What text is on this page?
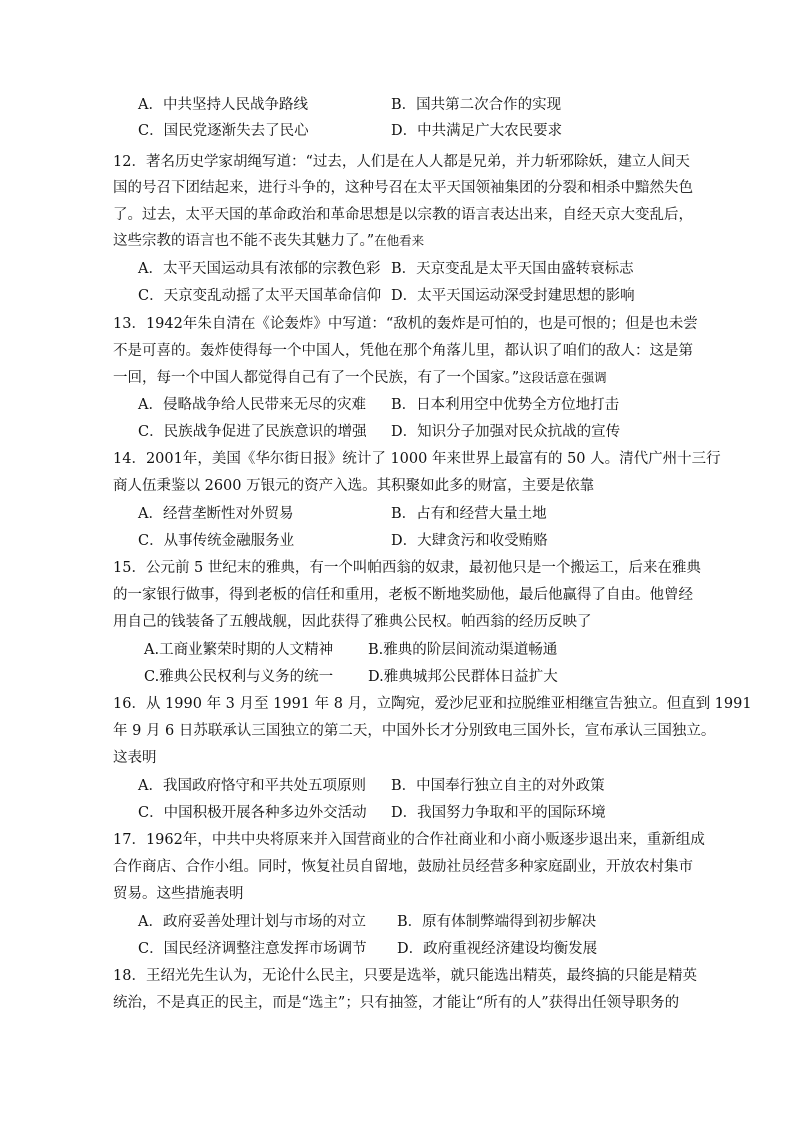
A．中共坚持人民战争路线	B．国共第二次合作的实现
C．国民党逐渐失去了民心	D．中共满足广大农民要求
12．著名历史学家胡绳写道：“过去，人们是在人人都是兄弟，并力斩邪除妖，建立人间天
国的号召下团结起来，进行斗争的，这种号召在太平天国领袖集团的分裂和相杀中黯然失色
了。过去，太平天国的革命政治和革命思想是以宗教的语言表达出来，自经天京大变乱后，
这些宗教的语言也不能不丧失其魅力了。”在他看来
A．太平天国运动具有浓郁的宗教色彩 B．天京变乱是太平天国由盛转衰标志
C．天京变乱动摇了太平天国革命信仰 D．太平天国运动深受封建思想的影响
13．1942年朱自清在《论轰炸》中写道：“敌机的轰炸是可怕的，也是可恨的；但是也未尝
不是可喜的。轰炸使得每一个中国人，凭他在那个角落儿里，都认识了咱们的敌人：这是第
一回，每一个中国人都觉得自己有了一个民族，有了一个国家。”这段话意在强调
A．侵略战争给人民带来无尽的灾难 B．日本利用空中优势全方位地打击
C．民族战争促进了民族意识的增强 D．知识分子加强对民众抗战的宣传
14．2001年，美国《华尔街日报》统计了 1000 年来世界上最富有的 50 人。清代广州十三行
商人伍秉鉴以 2600 万银元的资产入选。其积聚如此多的财富，主要是依靠
A．经营垄断性对外贸易	B．占有和经营大量土地
C．从事传统金融服务业	D．大肆贪污和收受贿赂
15．公元前 5 世纪末的雅典，有一个叫帕西翁的奴隶，最初他只是一个搬运工，后来在雅典
的一家银行做事，得到老板的信任和重用，老板不断地奖励他，最后他赢得了自由。他曾经
用自己的钱装备了五艘战舰，因此获得了雅典公民权。帕西翁的经历反映了
A.工商业繁荣时期的人文精神 B.雅典的阶层间流动渠道畅通
C.雅典公民权利与义务的统一 D.雅典城邦公民群体日益扩大
16．从 1990 年 3 月至 1991 年 8 月，立陶宛，爱沙尼亚和拉脱维亚相继宣告独立。但直到 1991
年 9 月 6 日苏联承认三国独立的第二天，中国外长才分别致电三国外长，宣布承认三国独立。
这表明
A．我国政府恪守和平共处五项原则 B．中国奉行独立自主的对外政策
C．中国积极开展各种多边外交活动 D．我国努力争取和平的国际环境
17．1962年，中共中央将原来并入国营商业的合作社商业和小商小贩逐步退出来，重新组成
合作商店、合作小组。同时，恢复社员自留地，鼓励社员经营多种家庭副业，开放农村集市
贸易。这些措施表明
A．政府妥善处理计划与市场的对立 B．原有体制弊端得到初步解决
C．国民经济调整注意发挥市场调节 D．政府重视经济建设均衡发展
18．王绍光先生认为，无论什么民主，只要是选举，就只能选出精英，最终搞的只能是精英
统治，不是真正的民主，而是“选主”；只有抽签，才能让“所有的人”获得出任领导职务的
